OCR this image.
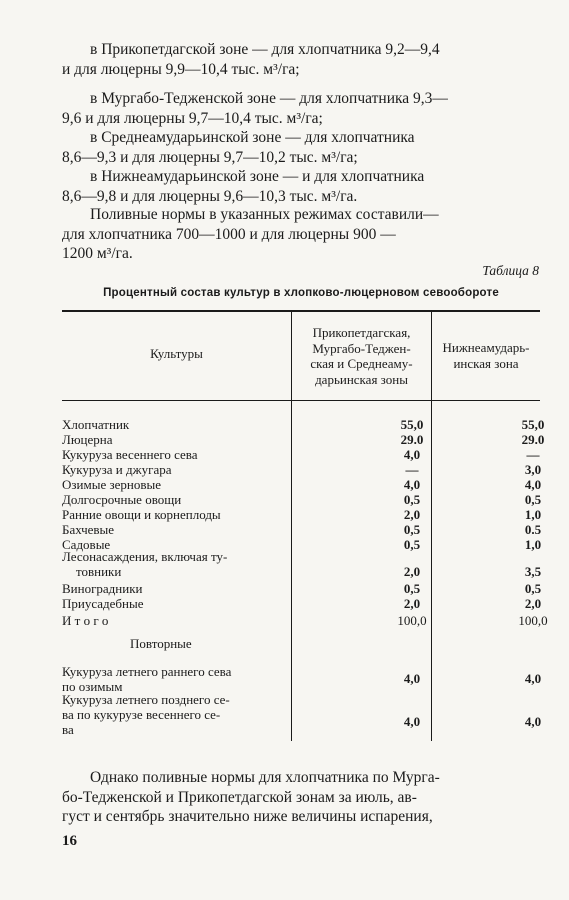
в Прикопетдагской зоне — для хлопчатника 9,2—9,4
и для люцерны 9,9—10,4 тыс. м³/га;

в Мургабо-Теджeнской зоне — для хлопчатника 9,3—
9,6 и для люцерны 9,7—10,4 тыс. м³/га;

в Среднеамударьинской зоне — для хлопчатника
8,6—9,3 и для люцерны 9,7—10,2 тыс. м³/га;

в Нижнеамударьинской зоне — и для хлопчатника
8,6—9,8 и для люцерны 9,6—10,3 тыс. м³/га.

Поливные нормы в указанных режимах составили—
для хлопчатника 700—1000 и для люцерны 900 —
1200 м³/га.

Таблица 8
Процентный состав культур в хлопково-люцерновом севообороте
Культуры
Прикопетдагская,
Мургабо-Теджен-
ская и Среднеаму-
дарьинская зоны
Нижнеамударь-
инская зона
Хлопчатник	55,0	55,0
Люцерна	29.0	29.0
Кукуруза весеннего сева	4,0	—
Кукуруза и джугара	—	3,0
Озимые зерновые	4,0	4,0
Долгосрочные овощи	0,5	0,5
Ранние овощи и корнеплоды	2,0	1,0
Бахчевые	0,5	0.5
Садовые	0,5	1,0
Лесонасаждения, включая ту-
товники	2,0	3,5
Виноградники	0,5	0,5
Приусадебные	2,0	2,0
И т о г о	100,0	100,0
Повторные
Кукуруза летнего раннего сева
по озимым
4,0	4,0
Кукуруза летнего позднего се-
ва по кукурузе весеннего се-
ва
4,0	4,0

Однако поливные нормы для хлопчатника по Мурга-
бо-Теджeнской и Прикопетдагской зонам за июль, ав-
густ и сентябрь значительно ниже величины испарения,

16
